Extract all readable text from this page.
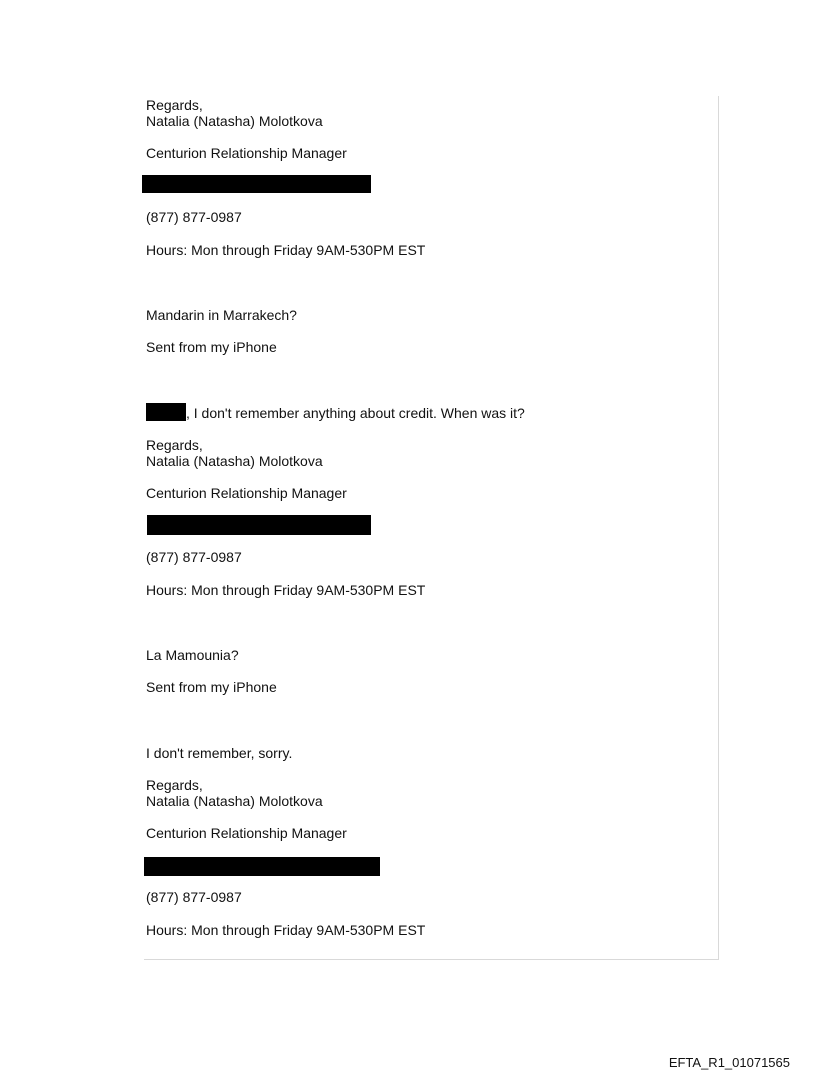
Regards,
Natalia (Natasha) Molotkova
Centurion Relationship Manager
(877) 877-0987
Hours: Mon through Friday 9AM-530PM EST
Mandarin in Marrakech?
Sent from my iPhone
, I don't remember anything about credit. When was it?
Regards,
Natalia (Natasha) Molotkova
Centurion Relationship Manager
(877) 877-0987
Hours: Mon through Friday 9AM-530PM EST
La Mamounia?
Sent from my iPhone
I don't remember, sorry.
Regards,
Natalia (Natasha) Molotkova
Centurion Relationship Manager
(877) 877-0987
Hours: Mon through Friday 9AM-530PM EST
EFTA_R1_01071565
